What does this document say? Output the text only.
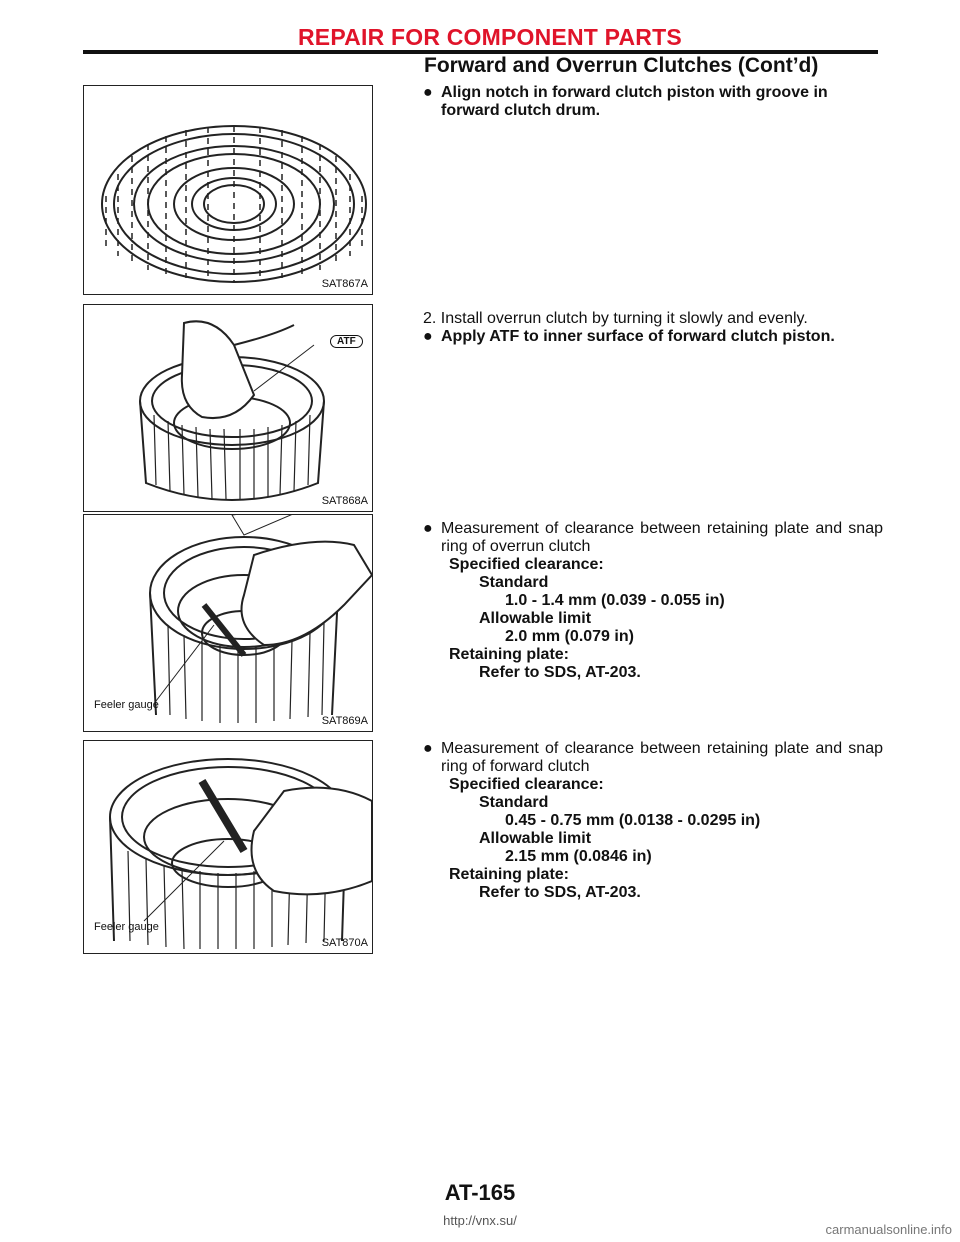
REPAIR FOR COMPONENT PARTS
Forward and Overrun Clutches (Cont’d)
SAT867A
ATF
SAT868A
Feeler gauge
SAT869A
Feeler gauge
SAT870A
● Align notch in forward clutch piston with groove in forward clutch drum.
2. Install overrun clutch by turning it slowly and evenly.
● Apply ATF to inner surface of forward clutch piston.
● Measurement of clearance between retaining plate and snap ring of overrun clutch
Specified clearance:
Standard
1.0 - 1.4 mm (0.039 - 0.055 in)
Allowable limit
2.0 mm (0.079 in)
Retaining plate:
Refer to SDS, AT-203.
● Measurement of clearance between retaining plate and snap ring of forward clutch
Specified clearance:
Standard
0.45 - 0.75 mm (0.0138 - 0.0295 in)
Allowable limit
2.15 mm (0.0846 in)
Retaining plate:
Refer to SDS, AT-203.
AT-165
http://vnx.su/
carmanualsonline.info
